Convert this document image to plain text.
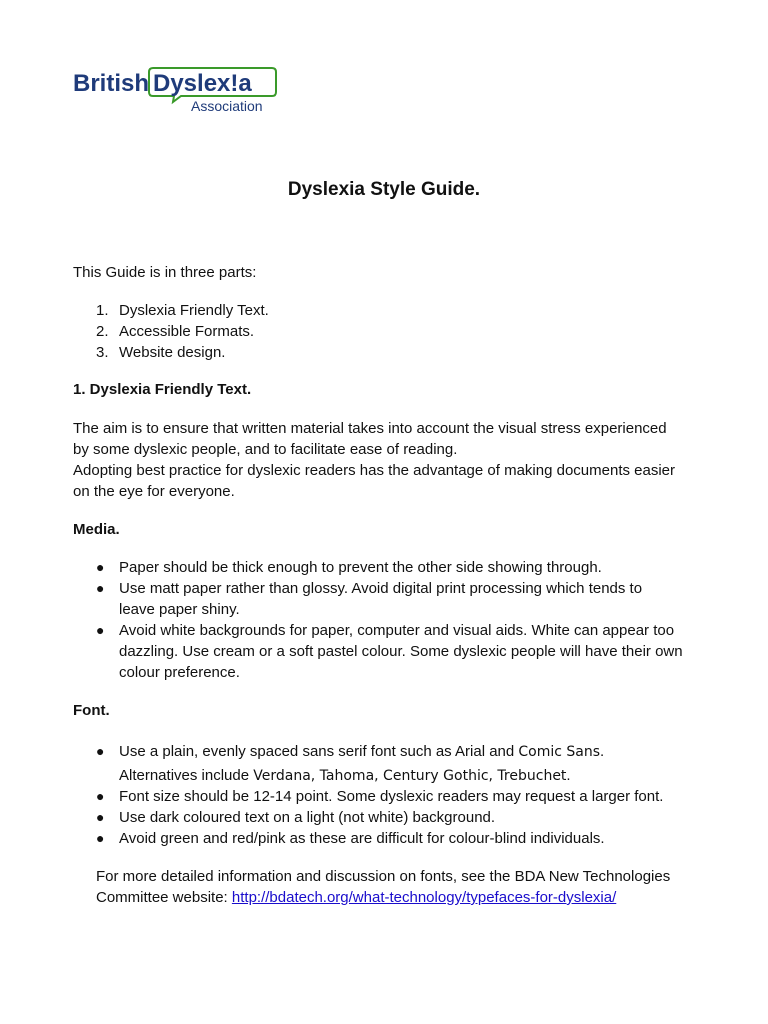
British Dyslex!a
Association
Dyslexia Style Guide.
This Guide is in three parts:
1. Dyslexia Friendly Text.
2. Accessible Formats.
3. Website design.
1. Dyslexia Friendly Text.
The aim is to ensure that written material takes into account the visual stress experienced
by some dyslexic people, and to facilitate ease of reading.
Adopting best practice for dyslexic readers has the advantage of making documents easier
on the eye for everyone.
Media.
● Paper should be thick enough to prevent the other side showing through.
● Use matt paper rather than glossy. Avoid digital print processing which tends to leave paper shiny.
● Avoid white backgrounds for paper, computer and visual aids. White can appear too dazzling. Use cream or a soft pastel colour. Some dyslexic people will have their own colour preference.
Font.
● Use a plain, evenly spaced sans serif font such as Arial and Comic Sans.
Alternatives include Verdana, Tahoma, Century Gothic, Trebuchet.
● Font size should be 12-14 point. Some dyslexic readers may request a larger font.
● Use dark coloured text on a light (not white) background.
● Avoid green and red/pink as these are difficult for colour-blind individuals.
For more detailed information and discussion on fonts, see the BDA New Technologies
Committee website: http://bdatech.org/what-technology/typefaces-for-dyslexia/
